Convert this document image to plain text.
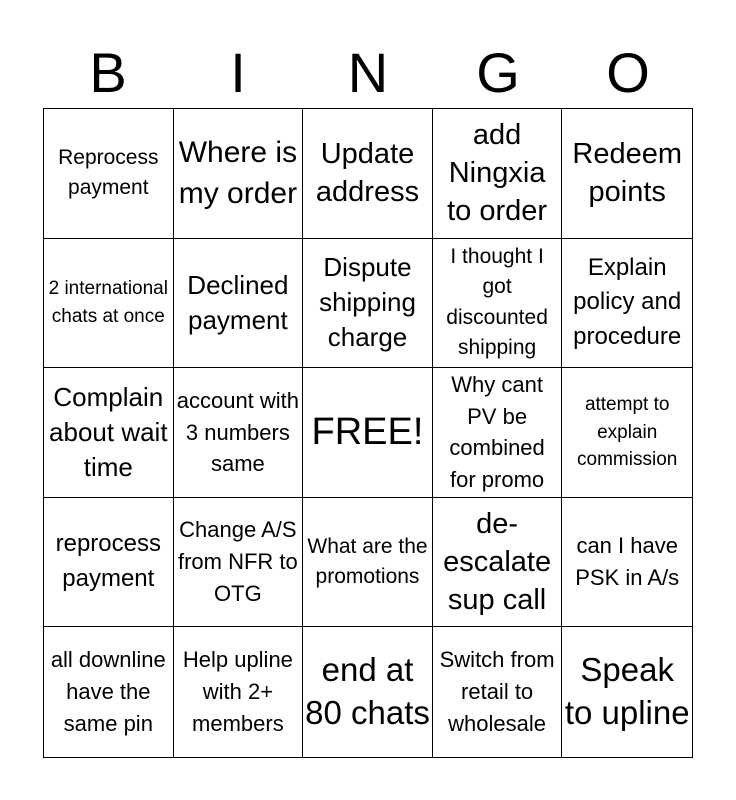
B	I	N	G	O
Reprocess payment
Where is my order
Update address
add Ningxia to order
Redeem points
2 international chats at once
Declined payment
Dispute shipping charge
I thought I got discounted shipping
Explain policy and procedure
Complain about wait time
account with 3 numbers same
FREE!
Why cant PV be combined for promo
attempt to explain commission
reprocess payment
Change A/S from NFR to OTG
What are the promotions
de-escalate sup call
can I have PSK in A/s
all downline have the same pin
Help upline with 2+ members
end at 80 chats
Switch from retail to wholesale
Speak to upline
